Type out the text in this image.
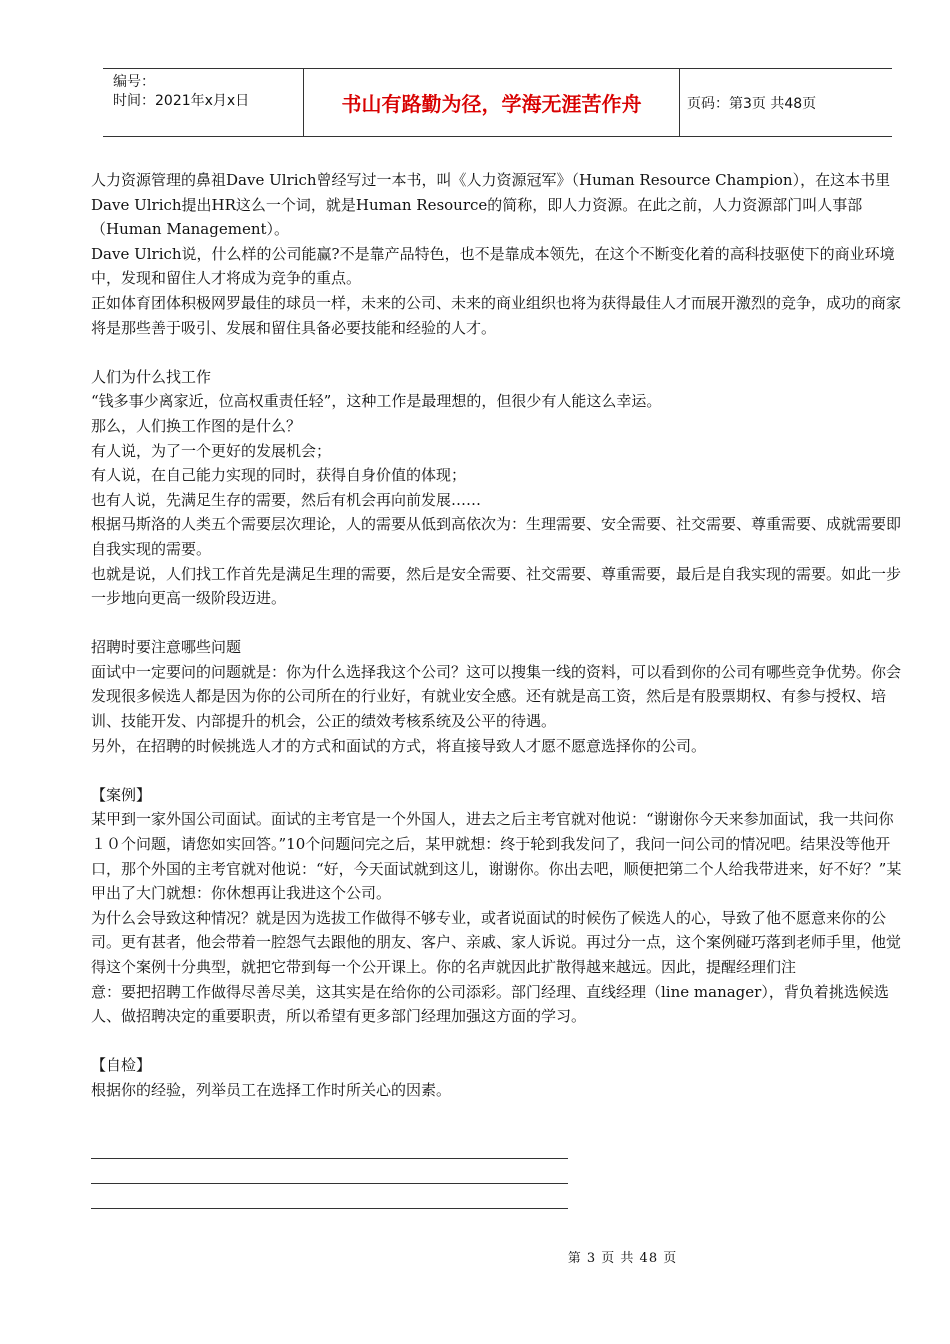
编号：
时间：2021年x月x日	书山有路勤为径，学海无涯苦作舟	页码：第3页 共48页

人力资源管理的鼻祖Dave Ulrich曾经写过一本书，叫《人力资源冠军》（Human Resource Champion），在这本书里Dave Ulrich提出HR这么一个词，就是Human Resource的简称，即人力资源。在此之前，人力资源部门叫人事部（Human Management）。

Dave Ulrich说，什么样的公司能赢?不是靠产品特色，也不是靠成本领先，在这个不断变化着的高科技驱使下的商业环境中，发现和留住人才将成为竞争的重点。

正如体育团体积极网罗最佳的球员一样，未来的公司、未来的商业组织也将为获得最佳人才而展开激烈的竞争，成功的商家将是那些善于吸引、发展和留住具备必要技能和经验的人才。

人们为什么找工作

“钱多事少离家近，位高权重责任轻”，这种工作是最理想的，但很少有人能这么幸运。

那么，人们换工作图的是什么？

有人说，为了一个更好的发展机会；

有人说，在自己能力实现的同时，获得自身价值的体现；

也有人说，先满足生存的需要，然后有机会再向前发展……

根据马斯洛的人类五个需要层次理论，人的需要从低到高依次为：生理需要、安全需要、社交需要、尊重需要、成就需要即自我实现的需要。

也就是说，人们找工作首先是满足生理的需要，然后是安全需要、社交需要、尊重需要，最后是自我实现的需要。如此一步一步地向更高一级阶段迈进。

招聘时要注意哪些问题

面试中一定要问的问题就是：你为什么选择我这个公司？这可以搜集一线的资料，可以看到你的公司有哪些竞争优势。你会发现很多候选人都是因为你的公司所在的行业好，有就业安全感。还有就是高工资，然后是有股票期权、有参与授权、培训、技能开发、内部提升的机会，公正的绩效考核系统及公平的待遇。

另外，在招聘的时候挑选人才的方式和面试的方式，将直接导致人才愿不愿意选择你的公司。

【案例】

某甲到一家外国公司面试。面试的主考官是一个外国人，进去之后主考官就对他说：“谢谢你今天来参加面试，我一共问你１０个问题，请您如实回答。”10个问题问完之后，某甲就想：终于轮到我发问了，我问一问公司的情况吧。结果没等他开口，那个外国的主考官就对他说：“好，今天面试就到这儿，谢谢你。你出去吧，顺便把第二个人给我带进来，好不好？”某甲出了大门就想：你休想再让我进这个公司。

为什么会导致这种情况？就是因为选拔工作做得不够专业，或者说面试的时候伤了候选人的心，导致了他不愿意来你的公司。更有甚者，他会带着一腔怨气去跟他的朋友、客户、亲戚、家人诉说。再过分一点，这个案例碰巧落到老师手里，他觉得这个案例十分典型，就把它带到每一个公开课上。你的名声就因此扩散得越来越远。因此，提醒经理们注

意：要把招聘工作做得尽善尽美，这其实是在给你的公司添彩。部门经理、直线经理（line manager），背负着挑选候选人、做招聘决定的重要职责，所以希望有更多部门经理加强这方面的学习。

【自检】

根据你的经验，列举员工在选择工作时所关心的因素。

第 3 页 共 48 页
